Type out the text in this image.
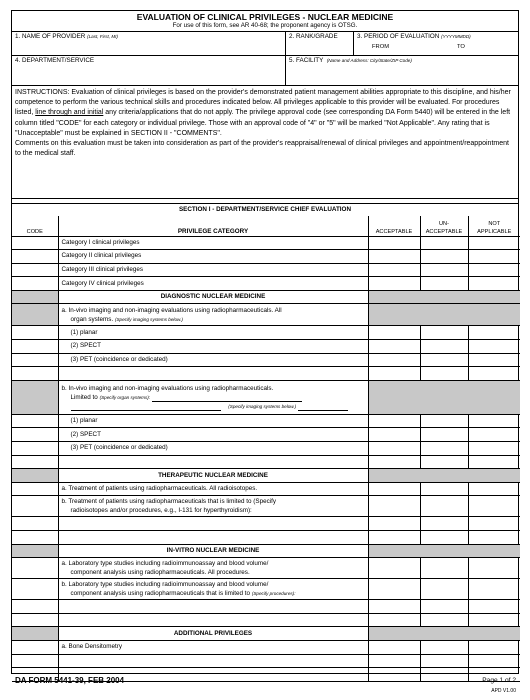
EVALUATION OF CLINICAL PRIVILEGES - NUCLEAR MEDICINE
For use of this form, see AR 40-68; the proponent agency is OTSG.
1. NAME OF PROVIDER (Last, First, MI)	2. RANK/GRADE	3. PERIOD OF EVALUATION (YYYYMMDD)
FROM	TO
4. DEPARTMENT/SERVICE	5. FACILITY (Name and Address: City/State/ZIP Code)
INSTRUCTIONS: Evaluation of clinical privileges is based on the provider's demonstrated patient management abilities appropriate to this discipline, and his/her competence to perform the various technical skills and procedures indicated below. All privileges applicable to this provider will be evaluated. For procedures listed, line through and initial any criteria/applications that do not apply. The privilege approval code (see corresponding DA Form 5440) will be entered in the left column titled "CODE" for each category or individual privilege. Those with an approval code of "4" or "5" will be marked "Not Applicable". Any rating that is "Unacceptable" must be explained in SECTION II - "COMMENTS".
Comments on this evaluation must be taken into consideration as part of the provider's reappraisal/renewal of clinical privileges and appointment/reappointment to the medical staff.
SECTION I - DEPARTMENT/SERVICE CHIEF EVALUATION
CODE	PRIVILEGE CATEGORY	ACCEPTABLE	UN-
ACCEPTABLE	NOT
APPLICABLE
	Category I clinical privileges			
	Category II clinical privileges			
	Category III clinical privileges			
	Category IV clinical privileges			
	DIAGNOSTIC NUCLEAR MEDICINE			
	a. In-vivo imaging and non-imaging evaluations using radiopharmaceuticals. All
organ systems. (Specify imaging systems below.)			
	(1) planar			
	(2) SPECT			
	(3) PET (coincidence or dedicated)			

	b. In-vivo imaging and non-imaging evaluations using radiopharmaceuticals.
Limited to (Specify organ systems):
(Specify imaging systems below.)			
	(1) planar			
	(2) SPECT			
	(3) PET (coincidence or dedicated)			

	THERAPEUTIC NUCLEAR MEDICINE			
	a. Treatment of patients using radiopharmaceuticals. All radioisotopes.			
	b. Treatment of patients using radiopharmaceuticals that is limited to (Specify
radioisotopes and/or procedures, e.g., I-131 for hyperthyroidism):			

	IN-VITRO NUCLEAR MEDICINE			
	a. Laboratory type studies including radioimmunoassay and blood volume/
component analysis using radiopharmaceuticals. All procedures.			
	b. Laboratory type studies including radioimmunoassay and blood volume/
component analysis using radiopharmaceuticals that is limited to (Specify procedures):			

	ADDITIONAL PRIVILEGES			
	a. Bone Densitometry			

DA FORM 5441-39, FEB 2004	Page 1 of 2
APD V1.00
